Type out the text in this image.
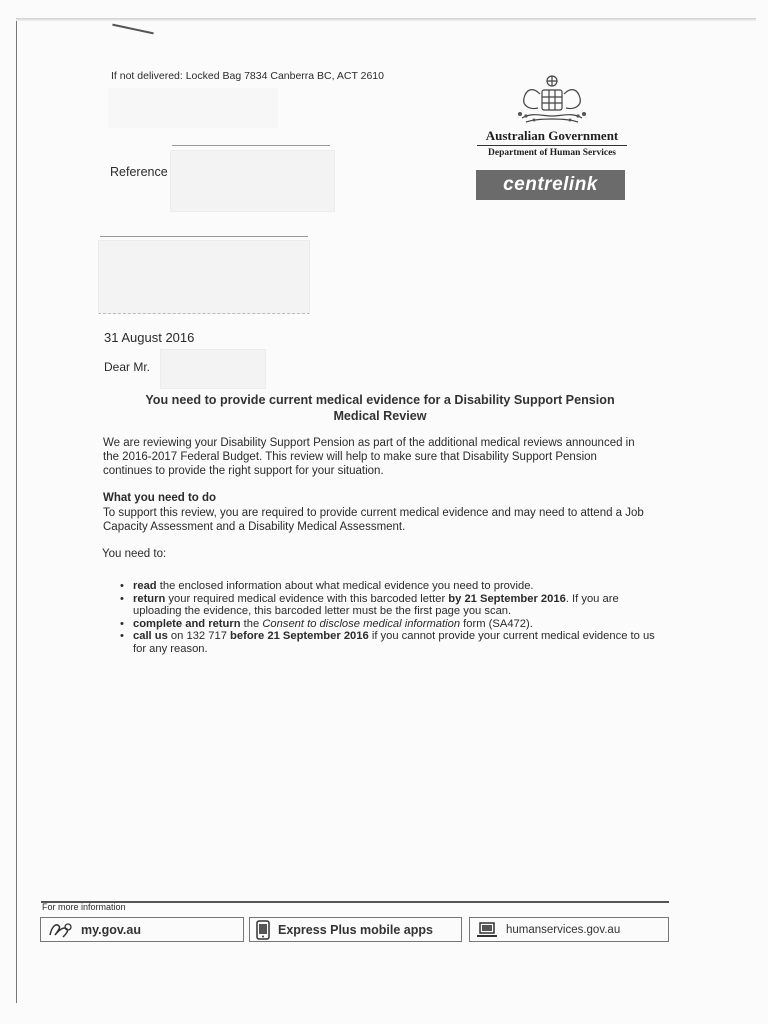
If not delivered: Locked Bag 7834 Canberra BC, ACT 2610
Australian Government
Department of Human Services
centrelink
Reference
31 August 2016
Dear Mr.
You need to provide current medical evidence for a Disability Support Pension Medical Review
We are reviewing your Disability Support Pension as part of the additional medical reviews announced in the 2016-2017 Federal Budget. This review will help to make sure that Disability Support Pension continues to provide the right support for your situation.
What you need to do
To support this review, you are required to provide current medical evidence and may need to attend a Job Capacity Assessment and a Disability Medical Assessment.
You need to:
• read the enclosed information about what medical evidence you need to provide.
• return your required medical evidence with this barcoded letter by 21 September 2016. If you are uploading the evidence, this barcoded letter must be the first page you scan.
• complete and return the Consent to disclose medical information form (SA472).
• call us on 132 717 before 21 September 2016 if you cannot provide your current medical evidence to us for any reason.
For more information
my.gov.au	Express Plus mobile apps	humanservices.gov.au
